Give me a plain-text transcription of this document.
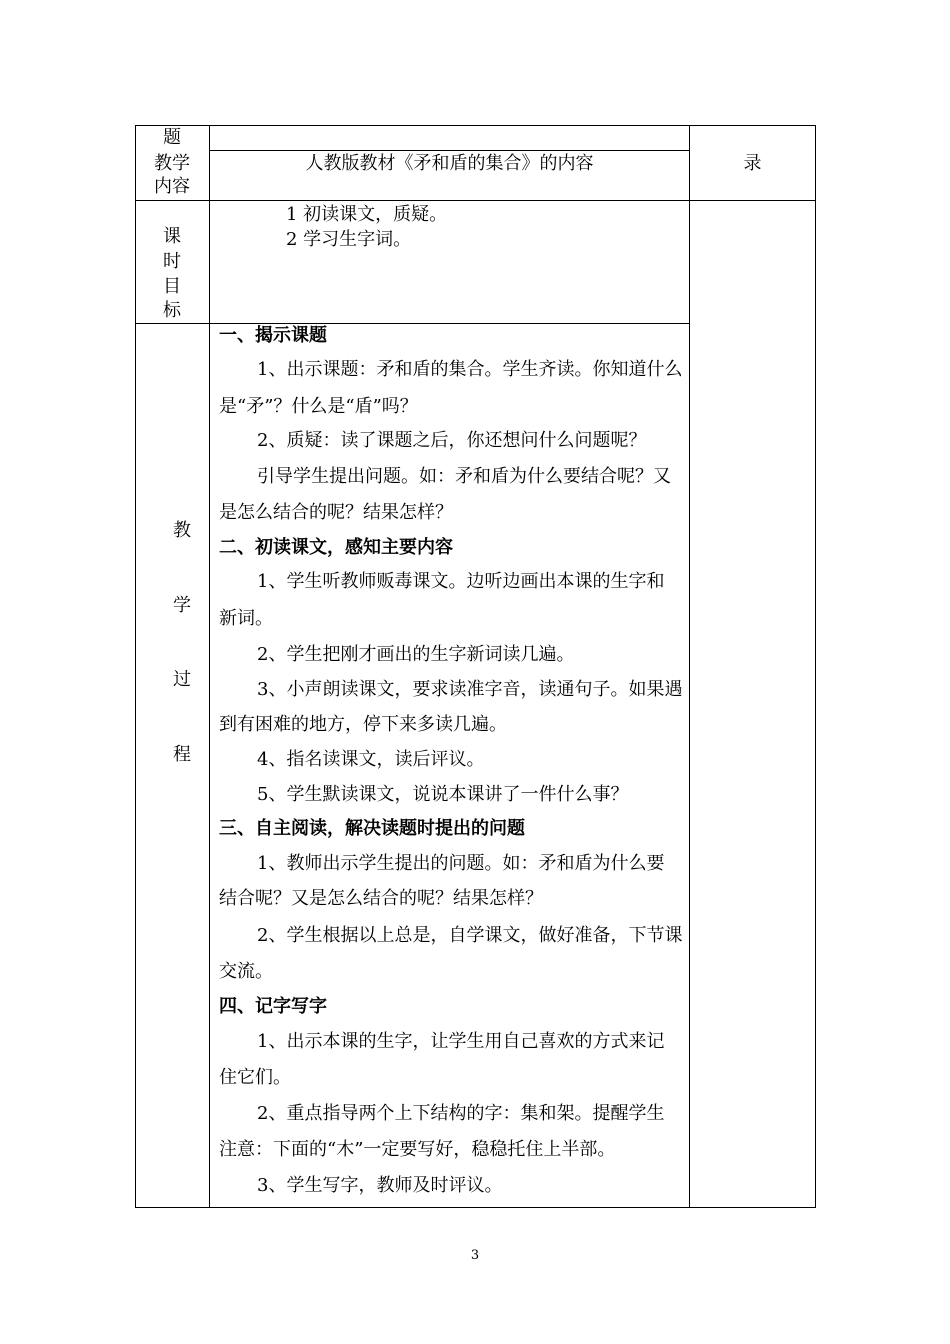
题
教学
内容
课
时
目
标
教
学
过
程
录
人教版教材《矛和盾的集合》的内容
1 初读课文，质疑。
2 学习生字词。
一、揭示课题
1、出示课题：矛和盾的集合。学生齐读。你知道什么
是“矛”？什么是“盾”吗？
2、质疑：读了课题之后，你还想问什么问题呢？
引导学生提出问题。如：矛和盾为什么要结合呢？又
是怎么结合的呢？结果怎样？
二、初读课文，感知主要内容
1、学生听教师贩毒课文。边听边画出本课的生字和
新词。
2、学生把刚才画出的生字新词读几遍。
3、小声朗读课文，要求读准字音，读通句子。如果遇
到有困难的地方，停下来多读几遍。
4、指名读课文，读后评议。
5、学生默读课文，说说本课讲了一件什么事？
三、自主阅读，解决读题时提出的问题
1、教师出示学生提出的问题。如：矛和盾为什么要
结合呢？又是怎么结合的呢？结果怎样？
2、学生根据以上总是，自学课文，做好准备，下节课
交流。
四、记字写字
1、出示本课的生字，让学生用自己喜欢的方式来记
住它们。
2、重点指导两个上下结构的字：集和架。提醒学生
注意：下面的“木”一定要写好，稳稳托住上半部。
3、学生写字，教师及时评议。
3
